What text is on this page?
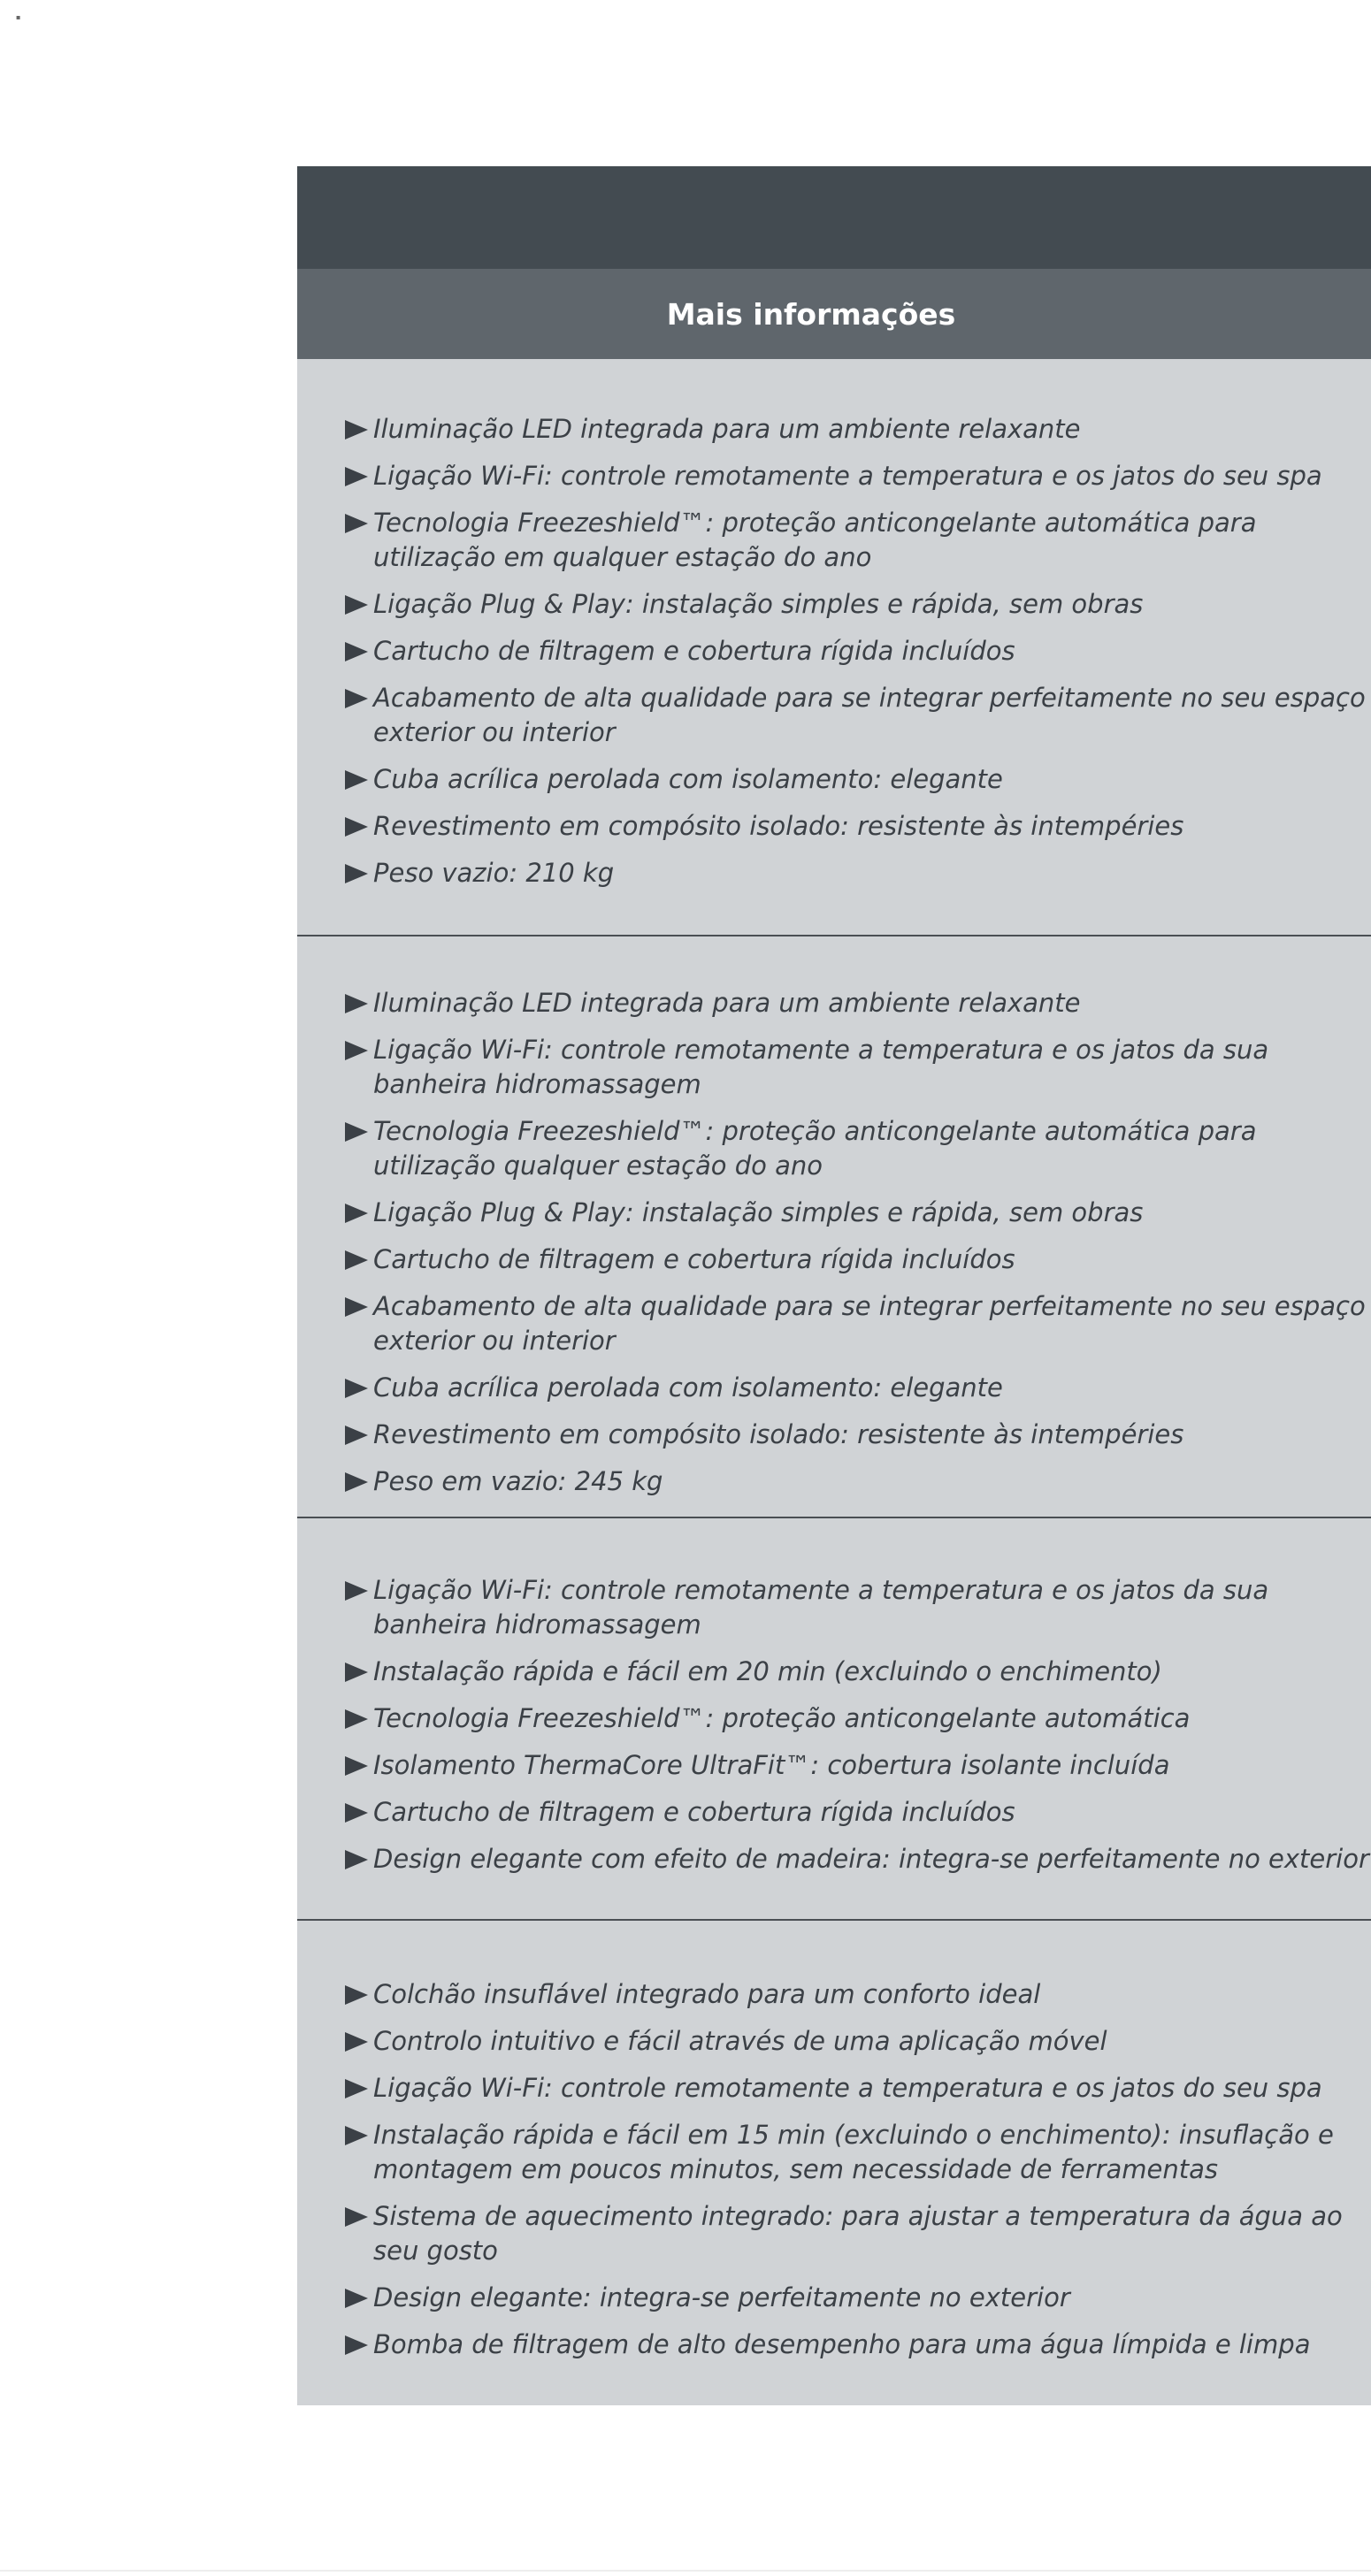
▪
Mais informações
Iluminação LED integrada para um ambiente relaxante
Ligação Wi-Fi: controle remotamente a temperatura e os jatos do seu spa
Tecnologia Freezeshield™: proteção anticongelante automática para utilização em qualquer estação do ano
Ligação Plug & Play: instalação simples e rápida, sem obras
Cartucho de filtragem e cobertura rígida incluídos
Acabamento de alta qualidade para se integrar perfeitamente no seu espaço exterior ou interior
Cuba acrílica perolada com isolamento: elegante
Revestimento em compósito isolado: resistente às intempéries
Peso vazio: 210 kg
Iluminação LED integrada para um ambiente relaxante
Ligação Wi-Fi: controle remotamente a temperatura e os jatos da sua banheira hidromassagem
Tecnologia Freezeshield™: proteção anticongelante automática para utilização qualquer estação do ano
Ligação Plug & Play: instalação simples e rápida, sem obras
Cartucho de filtragem e cobertura rígida incluídos
Acabamento de alta qualidade para se integrar perfeitamente no seu espaço exterior ou interior
Cuba acrílica perolada com isolamento: elegante
Revestimento em compósito isolado: resistente às intempéries
Peso em vazio: 245 kg
Ligação Wi-Fi: controle remotamente a temperatura e os jatos da sua banheira hidromassagem
Instalação rápida e fácil em 20 min (excluindo o enchimento)
Tecnologia Freezeshield™: proteção anticongelante automática
Isolamento ThermaCore UltraFit™: cobertura isolante incluída
Cartucho de filtragem e cobertura rígida incluídos
Design elegante com efeito de madeira: integra-se perfeitamente no exterior
Colchão insuflável integrado para um conforto ideal
Controlo intuitivo e fácil através de uma aplicação móvel
Ligação Wi-Fi: controle remotamente a temperatura e os jatos do seu spa
Instalação rápida e fácil em 15 min (excluindo o enchimento): insuflação e montagem em poucos minutos, sem necessidade de ferramentas
Sistema de aquecimento integrado: para ajustar a temperatura da água ao seu gosto
Design elegante: integra-se perfeitamente no exterior
Bomba de filtragem de alto desempenho para uma água límpida e limpa
